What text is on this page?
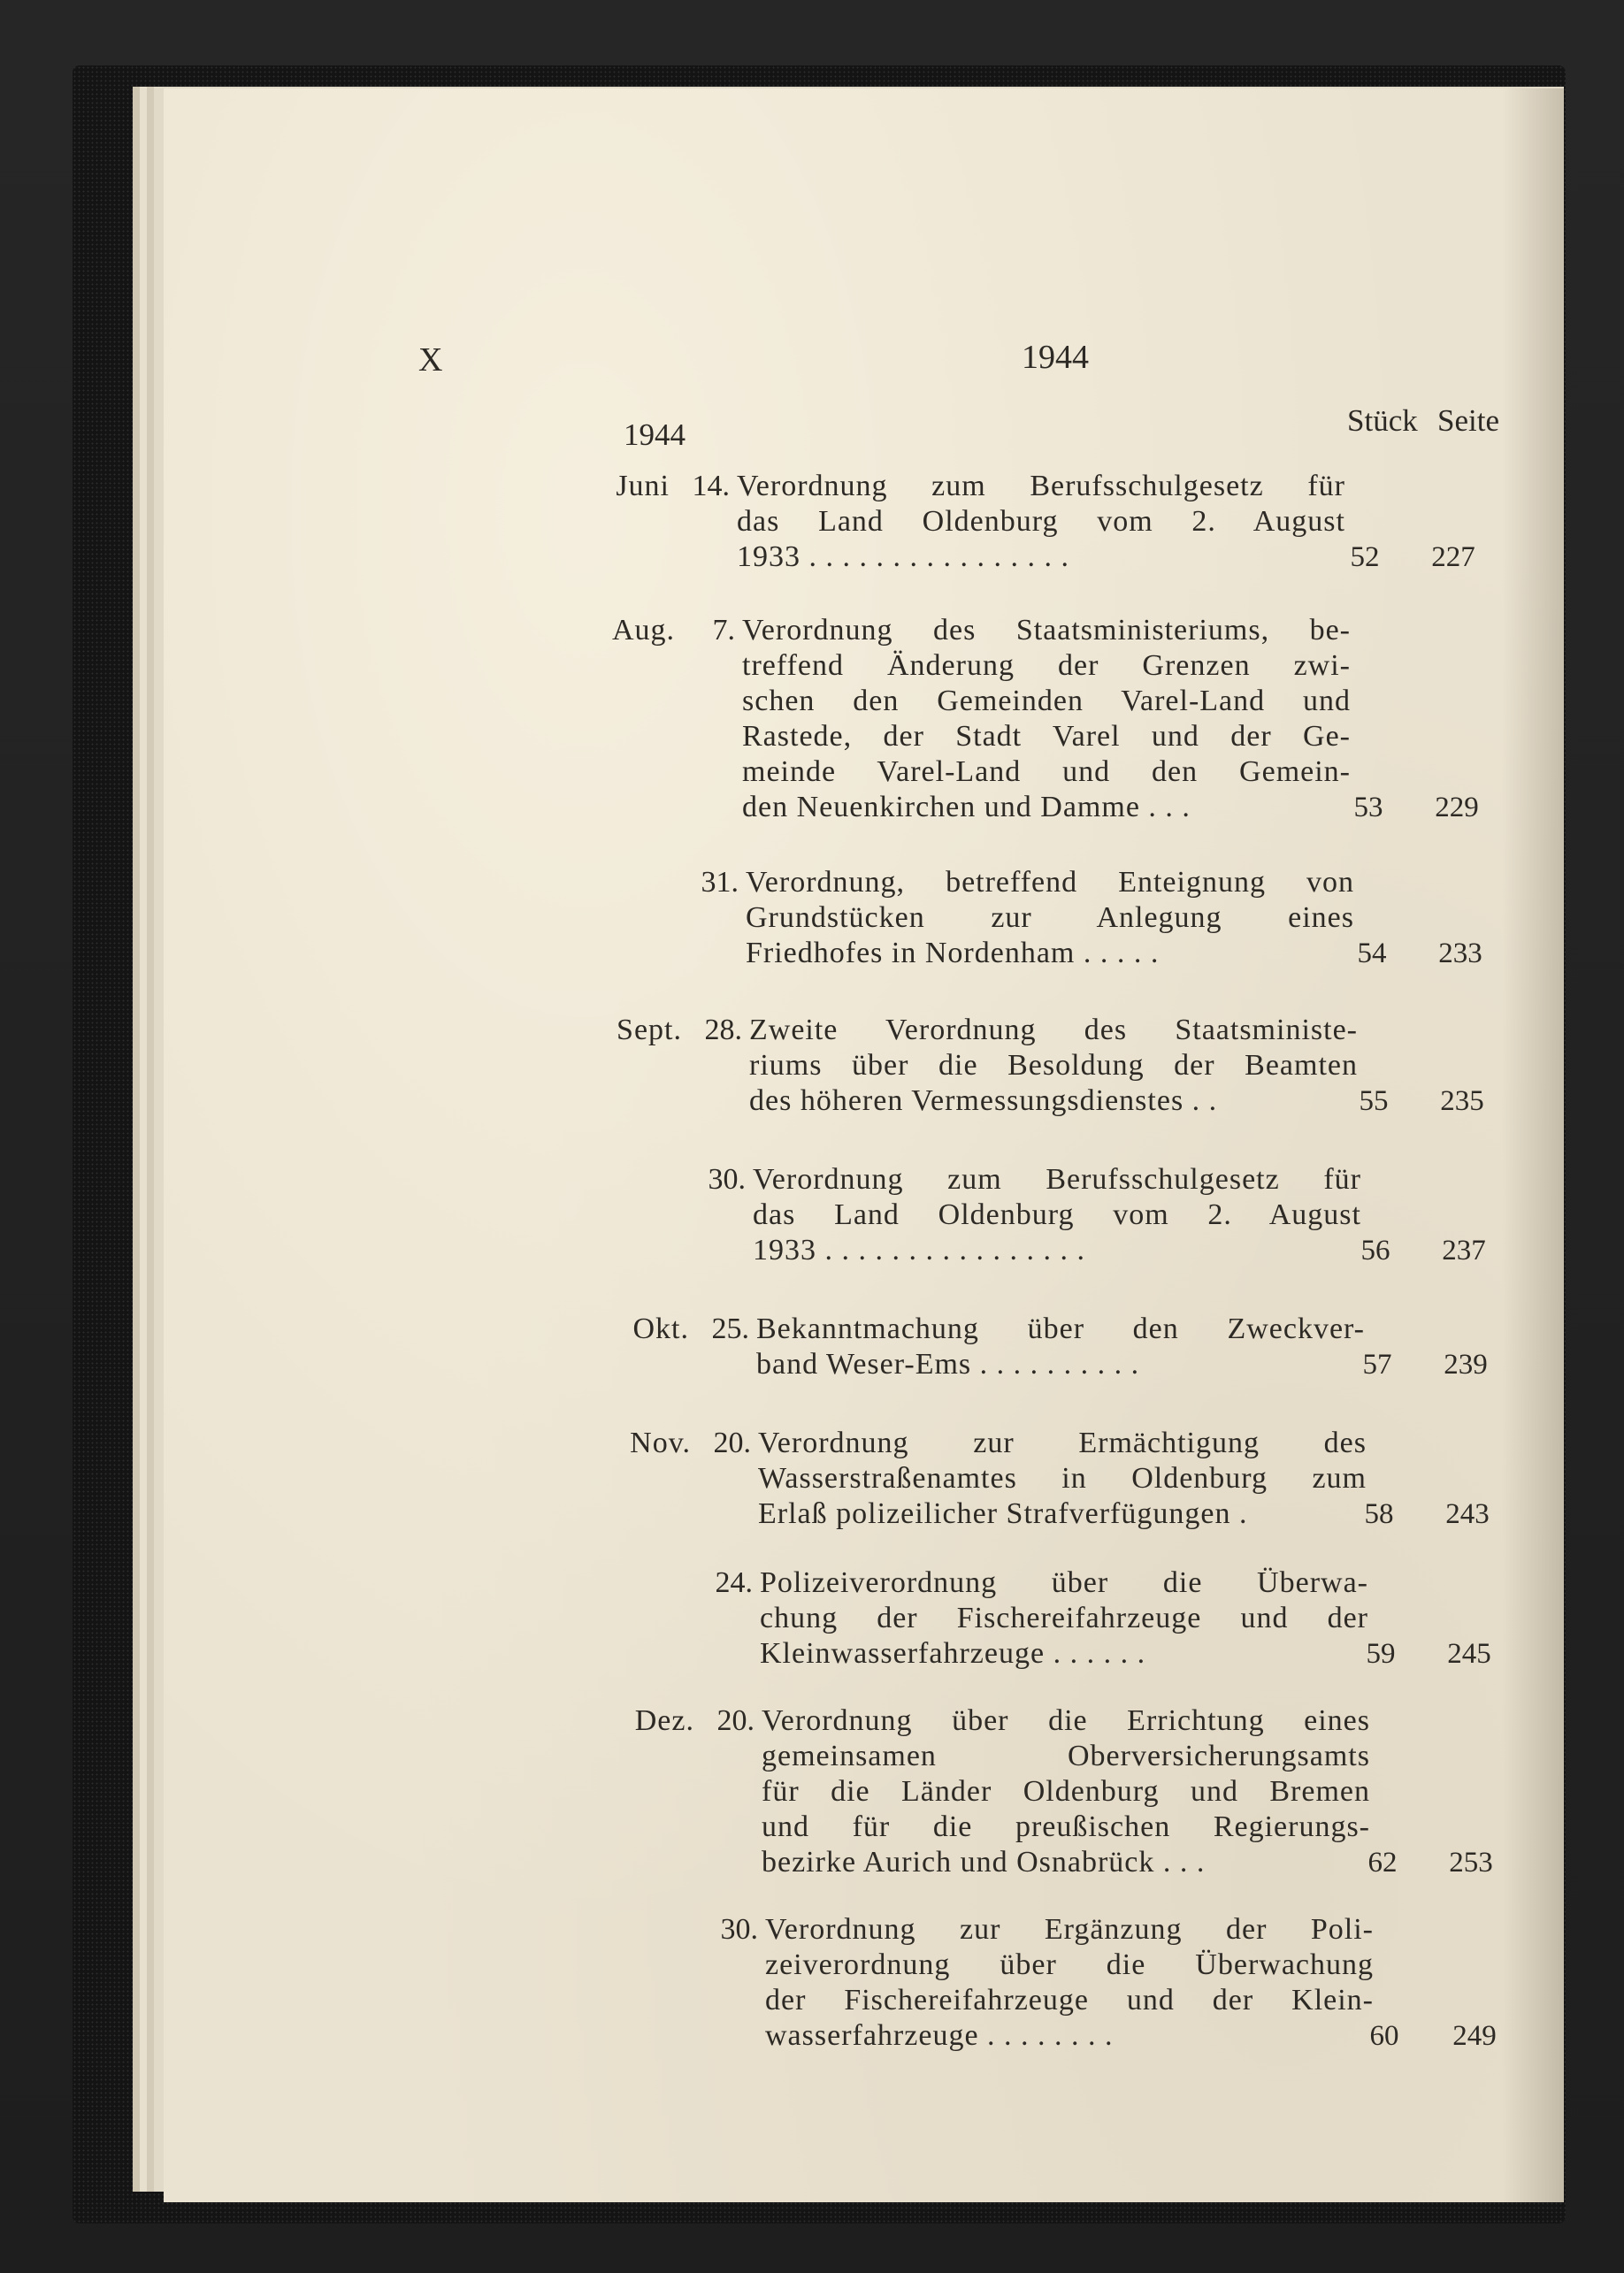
X	1944
1944	Stück Seite
Juni 14. Verordnung zum Berufsschulgesetz für
das Land Oldenburg vom 2. August
1933 . . . . . . . . . . . . . . . .	52	227
Aug.	7. Verordnung des Staatsministeriums, be-
treffend Änderung der Grenzen zwi-
schen den Gemeinden Varel-Land und
Rastede, der Stadt Varel und der Ge-
meinde Varel-Land und den Gemein-
den Neuenkirchen und Damme . . .	53	229
31. Verordnung, betreffend Enteignung von
Grundstücken zur Anlegung eines
Friedhofes in Nordenham . . . . .	54	233
Sept. 28. Zweite Verordnung des Staatsministe-
riums über die Besoldung der Beamten
des höheren Vermessungsdienstes . .	55	235
30. Verordnung zum Berufsschulgesetz für
das Land Oldenburg vom 2. August
1933 . . . . . . . . . . . . . . . .	56	237
Okt. 25. Bekanntmachung über den Zweckver-
band Weser-Ems . . . . . . . . . .	57	239
Nov. 20. Verordnung zur Ermächtigung des
Wasserstraßenamtes in Oldenburg zum
Erlaß polizeilicher Strafverfügungen .	58	243
24. Polizeiverordnung über die Überwa-
chung der Fischereifahrzeuge und der
Kleinwasserfahrzeuge . . . . . .	59	245
Dez. 20. Verordnung über die Errichtung eines
gemeinsamen Oberversicherungsamts
für die Länder Oldenburg und Bremen
und für die preußischen Regierungs-
bezirke Aurich und Osnabrück . . .	62	253
30. Verordnung zur Ergänzung der Poli-
zeiverordnung über die Überwachung
der Fischereifahrzeuge und der Klein-
wasserfahrzeuge . . . . . . . .	60	249
